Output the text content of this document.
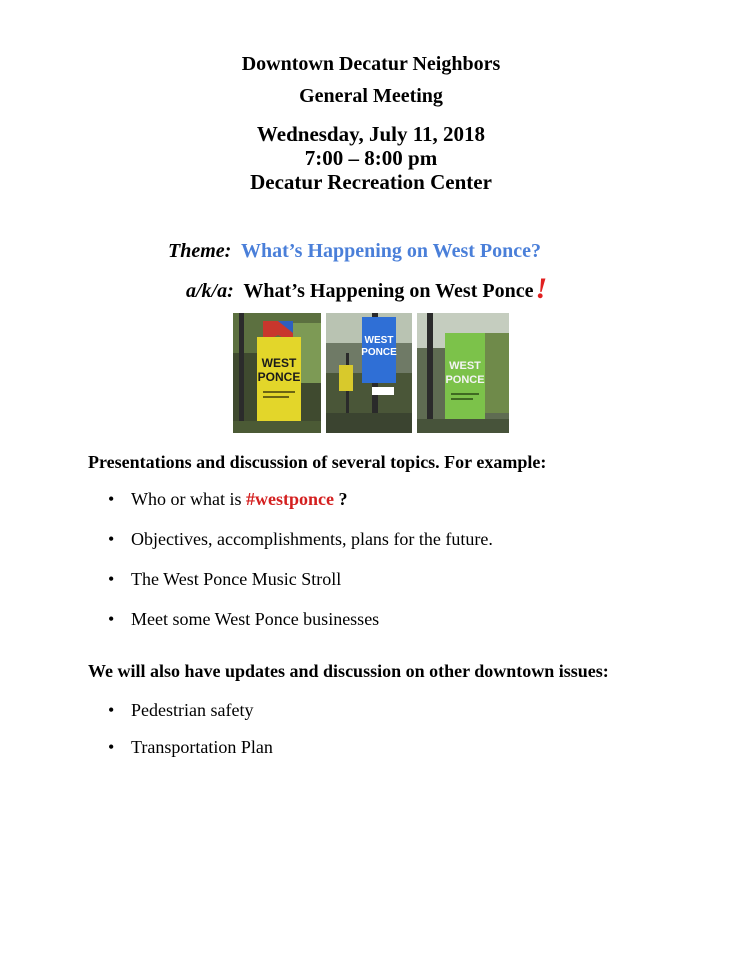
Downtown Decatur Neighbors
General Meeting
Wednesday, July 11, 2018
7:00 – 8:00 pm
Decatur Recreation Center
Theme: What’s Happening on West Ponce?
a/k/a: What’s Happening on West Ponce!
WEST
PONCE
WEST
PONCE
WEST
PONCE
Presentations and discussion of several topics. For example:
• Who or what is #westponce ?
• Objectives, accomplishments, plans for the future.
• The West Ponce Music Stroll
• Meet some West Ponce businesses
We will also have updates and discussion on other downtown issues:
• Pedestrian safety
• Transportation Plan
